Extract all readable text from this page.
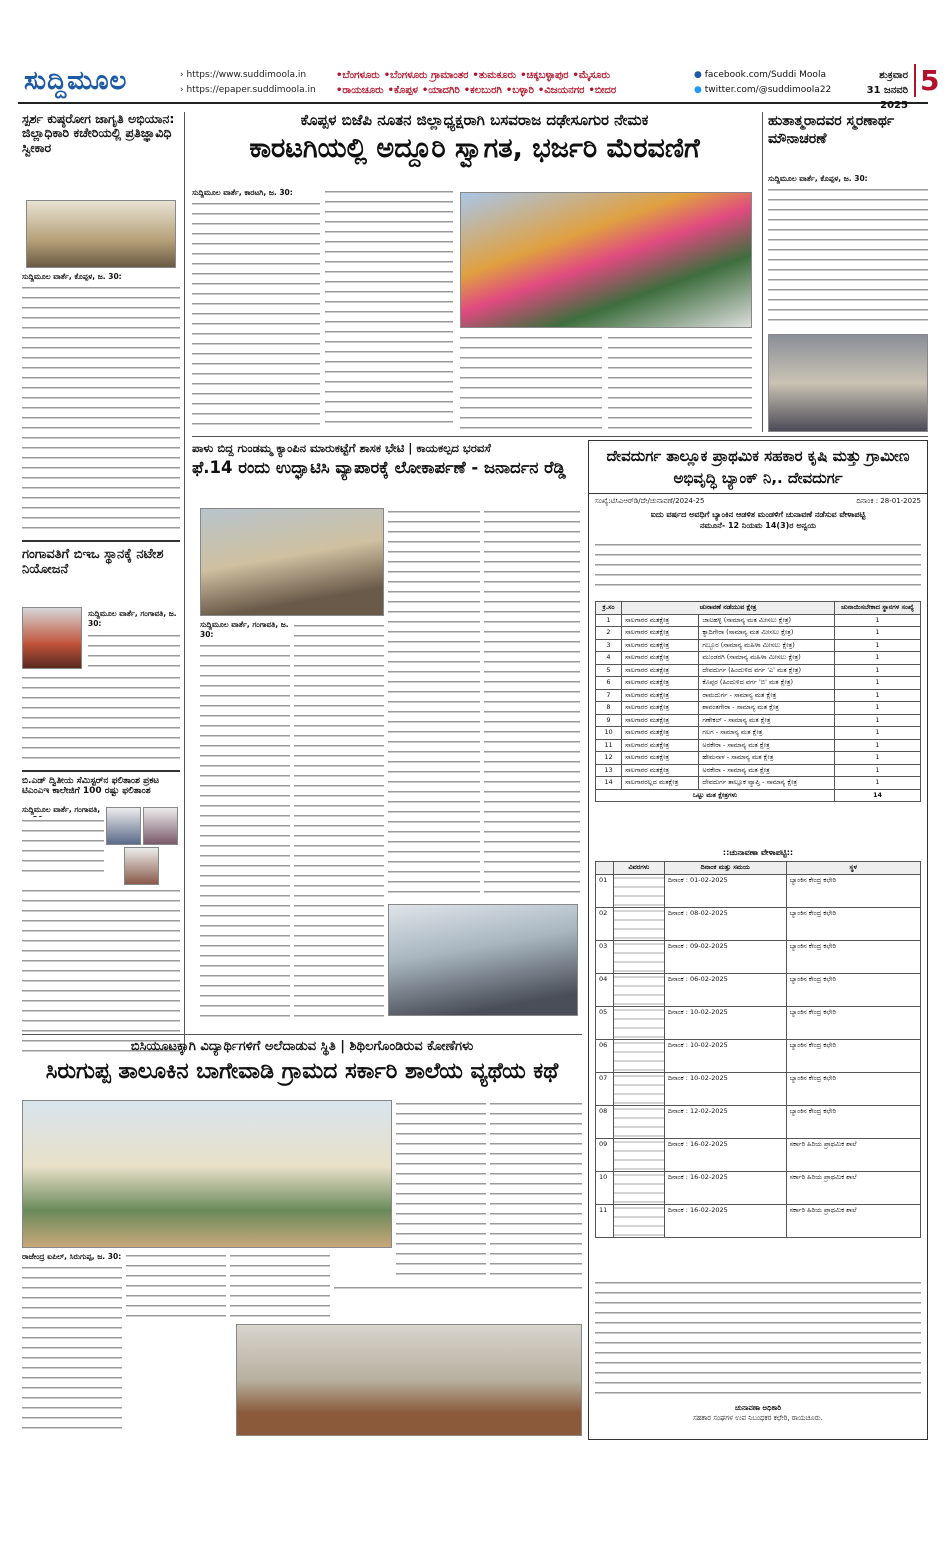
ಸುದ್ದಿಮೂಲ	› https://www.suddimoola.in
› https://epaper.suddimoola.in
•ಬೆಂಗಳೂರು •ಬೆಂಗಳೂರು ಗ್ರಾಮಾಂತರ •ತುಮಕೂರು •ಚಿಕ್ಕಬಳ್ಳಾಪುರ •ಮೈಸೂರು
•ರಾಯಚೂರು •ಕೊಪ್ಪಳ •ಯಾದಗಿರಿ •ಕಲಬುರಗಿ •ಬಳ್ಳಾರಿ •ವಿಜಯನಗರ •ಬೀದರ
● facebook.com/Suddi Moola
● twitter.com/@suddimoola22
ಶುಕ್ರವಾರ
31 ಜನವರಿ 2025
5
ಸ್ಪರ್ಶ ಕುಷ್ಠರೋಗ ಜಾಗೃತಿ ಅಭಿಯಾನ: ಜಿಲ್ಲಾಧಿಕಾರಿ ಕಚೇರಿಯಲ್ಲಿ ಪ್ರತಿಜ್ಞಾವಿಧಿ ಸ್ವೀಕಾರ
ಸುದ್ದಿಮೂಲ ವಾರ್ತೆ, ಕೊಪ್ಪಳ, ಜ. 30:
ಗಂಗಾವತಿಗೆ ಬಿಇಒ ಸ್ಥಾನಕ್ಕೆ ನಟೇಶ ನಿಯೋಜನೆ
ಸುದ್ದಿಮೂಲ ವಾರ್ತೆ, ಗಂಗಾವತಿ, ಜ. 30:
ಬಿ.ಎಡ್ ದ್ವಿತೀಯ ಸೆಮಿಸ್ಟರ್‌ನ ಫಲಿತಾಂಶ ಪ್ರಕಟ ಟಿಎಂಎಇ ಕಾಲೇಜಿಗೆ 100 ರಷ್ಟು ಫಲಿತಾಂಶ
ಸುದ್ದಿಮೂಲ ವಾರ್ತೆ, ಗಂಗಾವತಿ,
ಕೊಪ್ಪಳ ಬಿಜೆಪಿ ನೂತನ ಜಿಲ್ಲಾಧ್ಯಕ್ಷರಾಗಿ ಬಸವರಾಜ ದಢೇಸೂಗುರ ನೇಮಕ
ಕಾರಟಗಿಯಲ್ಲಿ ಅದ್ದೂರಿ ಸ್ವಾಗತ, ಭರ್ಜರಿ ಮೆರವಣಿಗೆ
ಸುದ್ದಿಮೂಲ ವಾರ್ತೆ, ಕಾರಟಗಿ, ಜ. 30:
ಹುತಾತ್ಮರಾದವರ ಸ್ಮರಣಾರ್ಥ ಮೌನಾಚರಣೆ
ಸುದ್ದಿಮೂಲ ವಾರ್ತೆ, ಕೊಪ್ಪಳ, ಜ. 30:
ಪಾಳು ಬಿದ್ದ ಗುಂಡಮ್ಮ ಕ್ಯಾಂಪಿನ ಮಾರುಕಟ್ಟೆಗೆ ಶಾಸಕ ಭೇಟಿ | ಕಾಯಕಲ್ಪದ ಭರವಸೆ
ಫೆ.14 ರಂದು ಉದ್ಘಾಟಿಸಿ ವ್ಯಾಪಾರಕ್ಕೆ ಲೋಕಾರ್ಪಣೆ - ಜನಾರ್ದನ ರೆಡ್ಡಿ
ಸುದ್ದಿಮೂಲ ವಾರ್ತೆ, ಗಂಗಾವತಿ, ಜ. 30:
ಬಿಸಿಯೂಟಕ್ಕಾಗಿ ವಿದ್ಯಾರ್ಥಿಗಳಿಗೆ ಅಲೆದಾಡುವ ಸ್ಥಿತಿ | ಶಿಥಿಲಗೊಂಡಿರುವ ಕೋಣೆಗಳು
ಸಿರುಗುಪ್ಪ ತಾಲೂಕಿನ ಬಾಗೇವಾಡಿ ಗ್ರಾಮದ ಸರ್ಕಾರಿ ಶಾಲೆಯ ವ್ಯಥೆಯ ಕಥೆ
ರಾಜೇಂದ್ರ ಐಪಿಲ್, ಸಿರುಗುಪ್ಪ, ಜ. 30:
ದೇವದುರ್ಗ ತಾಲ್ಲೂಕ ಪ್ರಾಥಮಿಕ ಸಹಕಾರ ಕೃಷಿ ಮತ್ತು ಗ್ರಾಮೀಣ ಅಭಿವೃದ್ಧಿ ಬ್ಯಾಂಕ್ ನಿ,. ದೇವದುರ್ಗ
ಸಂಖ್ಯೆ:ಟಿಸಿಎಆರ್‌ಡಿ/ದೇ/ಚುನಾವಣೆ/2024-25	ದಿನಾಂಕ : 28-01-2025
ಐದು ವರ್ಷದ ಅವಧಿಗೆ ಬ್ಯಾಂಕಿನ ಆಡಳಿತ ಮಂಡಳಿಗೆ ಚುನಾವಣೆ ನಡೆಸುವ ವೇಳಾಪಟ್ಟಿ
ನಮೂನೆ- 12 ನಿಯಮ 14(3)ರ ಅನ್ವಯ
ಕ್ರ.ಸಂ	ಚುನಾವಣೆ ನಡೆಯುವ ಕ್ಷೇತ್ರ		ಚುನಾಯಿಸಬೇಕಾದ ಸ್ಥಾನಗಳ ಸಂಖ್ಯೆ
1	ಸಾಲಗಾರರ ಮತಕ್ಷೇತ್ರ	ಜಾಲಹಳ್ಳಿ (ಸಾಮಾನ್ಯ ಮತ ಮೀಸಲು ಕ್ಷೇತ್ರ)	1
2	ಸಾಲಗಾರರ ಮತಕ್ಷೇತ್ರ	ಕ್ಯಾದಿಗೇರಾ (ಸಾಮಾನ್ಯ ಮತ ಮೀಸಲು ಕ್ಷೇತ್ರ)	1
3	ಸಾಲಗಾರರ ಮತಕ್ಷೇತ್ರ	ಗಬ್ಬೂರ (ಸಾಮಾನ್ಯ ಮಹಿಳಾ ಮೀಸಲು ಕ್ಷೇತ್ರ)	1
4	ಸಾಲಗಾರರ ಮತಕ್ಷೇತ್ರ	ಮುಂಡರಗಿ (ಸಾಮಾನ್ಯ ಮಹಿಳಾ ಮೀಸಲು ಕ್ಷೇತ್ರ)	1
5	ಸಾಲಗಾರರ ಮತಕ್ಷೇತ್ರ	ದೇವದುರ್ಗ (ಹಿಂದುಳಿದ ವರ್ಗ 'ಎ' ಮತ ಕ್ಷೇತ್ರ)	1
6	ಸಾಲಗಾರರ ಮತಕ್ಷೇತ್ರ	ಕೊಪ್ಪರ (ಹಿಂದುಳಿದ ವರ್ಗ 'ಬಿ' ಮತ ಕ್ಷೇತ್ರ)	1
7	ಸಾಲಗಾರರ ಮತಕ್ಷೇತ್ರ	ರಾಮದುರ್ಗ - ಸಾಮಾನ್ಯ ಮತ ಕ್ಷೇತ್ರ	1
8	ಸಾಲಗಾರರ ಮತಕ್ಷೇತ್ರ	ಶಾವಂತಗೇರಾ - ಸಾಮಾನ್ಯ ಮತ ಕ್ಷೇತ್ರ	1
9	ಸಾಲಗಾರರ ಮತಕ್ಷೇತ್ರ	ಗಣೇಕಲ್ - ಸಾಮಾನ್ಯ ಮತ ಕ್ಷೇತ್ರ	1
10	ಸಾಲಗಾರರ ಮತಕ್ಷೇತ್ರ	ಗಲಗ - ಸಾಮಾನ್ಯ ಮತ ಕ್ಷೇತ್ರ	1
11	ಸಾಲಗಾರರ ಮತಕ್ಷೇತ್ರ	ಅರಕೇರಾ - ಸಾಮಾನ್ಯ ಮತ ಕ್ಷೇತ್ರ	1
12	ಸಾಲಗಾರರ ಮತಕ್ಷೇತ್ರ	ಹೇಮನಾಳ - ಸಾಮಾನ್ಯ ಮತ ಕ್ಷೇತ್ರ	1
13	ಸಾಲಗಾರರ ಮತಕ್ಷೇತ್ರ	ಅರಕೇರಾ - ಸಾಮಾನ್ಯ ಮತ ಕ್ಷೇತ್ರ	1
14	ಸಾಲಗಾರರಲ್ಲದ ಮತಕ್ಷೇತ್ರ	ದೇವದುರ್ಗ ತಾಲ್ಲೂಕ ವ್ಯಾಪ್ತಿ - ಸಾಮಾನ್ಯ ಕ್ಷೇತ್ರ	1
ಒಟ್ಟು ಮತ ಕ್ಷೇತ್ರಗಳು			14
::ಚುನಾವಣಾ ವೇಳಾಪಟ್ಟಿ::
	ವಿವರಗಳು	ದಿನಾಂಕ ಮತ್ತು ಸಮಯ	ಸ್ಥಳ
01		ದಿನಾಂಕ : 01-02-2025	ಬ್ಯಾಂಕಿನ ಕೇಂದ್ರ ಕಛೇರಿ
02		ದಿನಾಂಕ : 08-02-2025	ಬ್ಯಾಂಕಿನ ಕೇಂದ್ರ ಕಛೇರಿ
03		ದಿನಾಂಕ : 09-02-2025	ಬ್ಯಾಂಕಿನ ಕೇಂದ್ರ ಕಛೇರಿ
04		ದಿನಾಂಕ : 06-02-2025	ಬ್ಯಾಂಕಿನ ಕೇಂದ್ರ ಕಛೇರಿ
05		ದಿನಾಂಕ : 10-02-2025	ಬ್ಯಾಂಕಿನ ಕೇಂದ್ರ ಕಛೇರಿ
06		ದಿನಾಂಕ : 10-02-2025	ಬ್ಯಾಂಕಿನ ಕೇಂದ್ರ ಕಛೇರಿ
07		ದಿನಾಂಕ : 10-02-2025	ಬ್ಯಾಂಕಿನ ಕೇಂದ್ರ ಕಛೇರಿ
08		ದಿನಾಂಕ : 12-02-2025	ಬ್ಯಾಂಕಿನ ಕೇಂದ್ರ ಕಛೇರಿ
09		ದಿನಾಂಕ : 16-02-2025	ಸರ್ಕಾರಿ ಹಿರಿಯ ಪ್ರಾಥಮಿಕ ಶಾಲೆ
10		ದಿನಾಂಕ : 16-02-2025	ಸರ್ಕಾರಿ ಹಿರಿಯ ಪ್ರಾಥಮಿಕ ಶಾಲೆ
11		ದಿನಾಂಕ : 16-02-2025	ಸರ್ಕಾರಿ ಹಿರಿಯ ಪ್ರಾಥಮಿಕ ಶಾಲೆ
ಚುನಾವಣಾ ಅಧಿಕಾರಿ
ಸಹಕಾರ ಸಂಘಗಳ ಉಪ ನಿಬಂಧಕರ ಕಛೇರಿ, ರಾಯಚೂರು.
